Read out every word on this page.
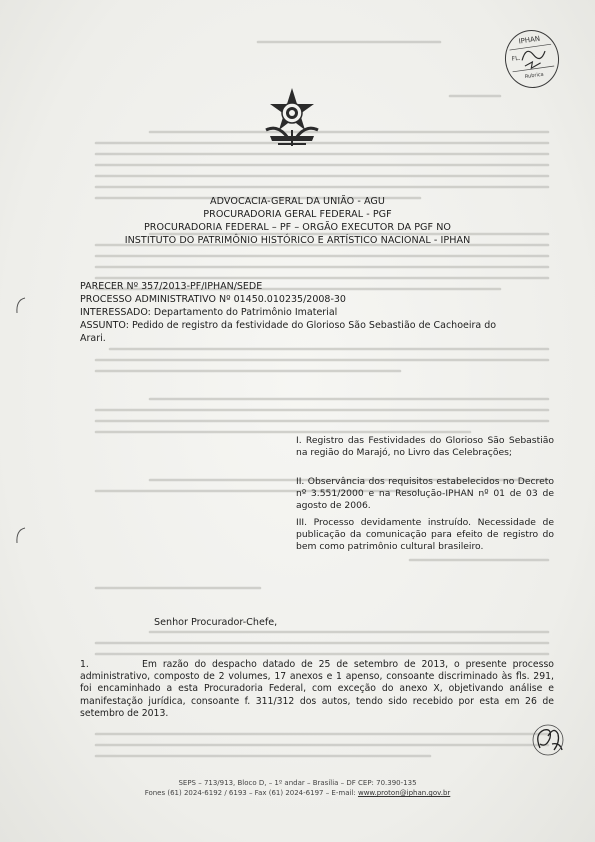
IPHAN
FL.
Rubrica
ADVOCACIA-GERAL DA UNIÃO - AGU
PROCURADORIA GERAL FEDERAL - PGF
PROCURADORIA FEDERAL – PF – ORGÃO EXECUTOR DA PGF NO
INSTITUTO DO PATRIMÔNIO HISTÓRICO E ARTÍSTICO NACIONAL - IPHAN
PARECER Nº 357/2013-PF/IPHAN/SEDE
PROCESSO ADMINISTRATIVO Nº 01450.010235/2008-30
INTERESSADO: Departamento do Patrimônio Imaterial
ASSUNTO: Pedido de registro da festividade do Glorioso São Sebastião de Cachoeira do
Arari.
I. Registro das Festividades do Glorioso São Sebastião na região do Marajó, no Livro das Celebrações;
II. Observância dos requisitos estabelecidos no Decreto nº 3.551/2000 e na Resolução-IPHAN nº 01 de 03 de agosto de 2006.
III. Processo devidamente instruído. Necessidade de publicação da comunicação para efeito de registro do bem como patrimônio cultural brasileiro.
Senhor Procurador-Chefe,
1.	Em razão do despacho datado de 25 de setembro de 2013, o presente processo administrativo, composto de 2 volumes, 17 anexos e 1 apenso, consoante discriminado às fls. 291, foi encaminhado a esta Procuradoria Federal, com exceção do anexo X, objetivando análise e manifestação jurídica, consoante f. 311/312 dos autos, tendo sido recebido por esta em 26 de setembro de 2013.
SEPS – 713/913, Bloco D, – 1º andar – Brasília – DF CEP: 70.390-135
Fones (61) 2024-6192 / 6193 – Fax (61) 2024-6197 – E-mail: www.proton@iphan.gov.br
